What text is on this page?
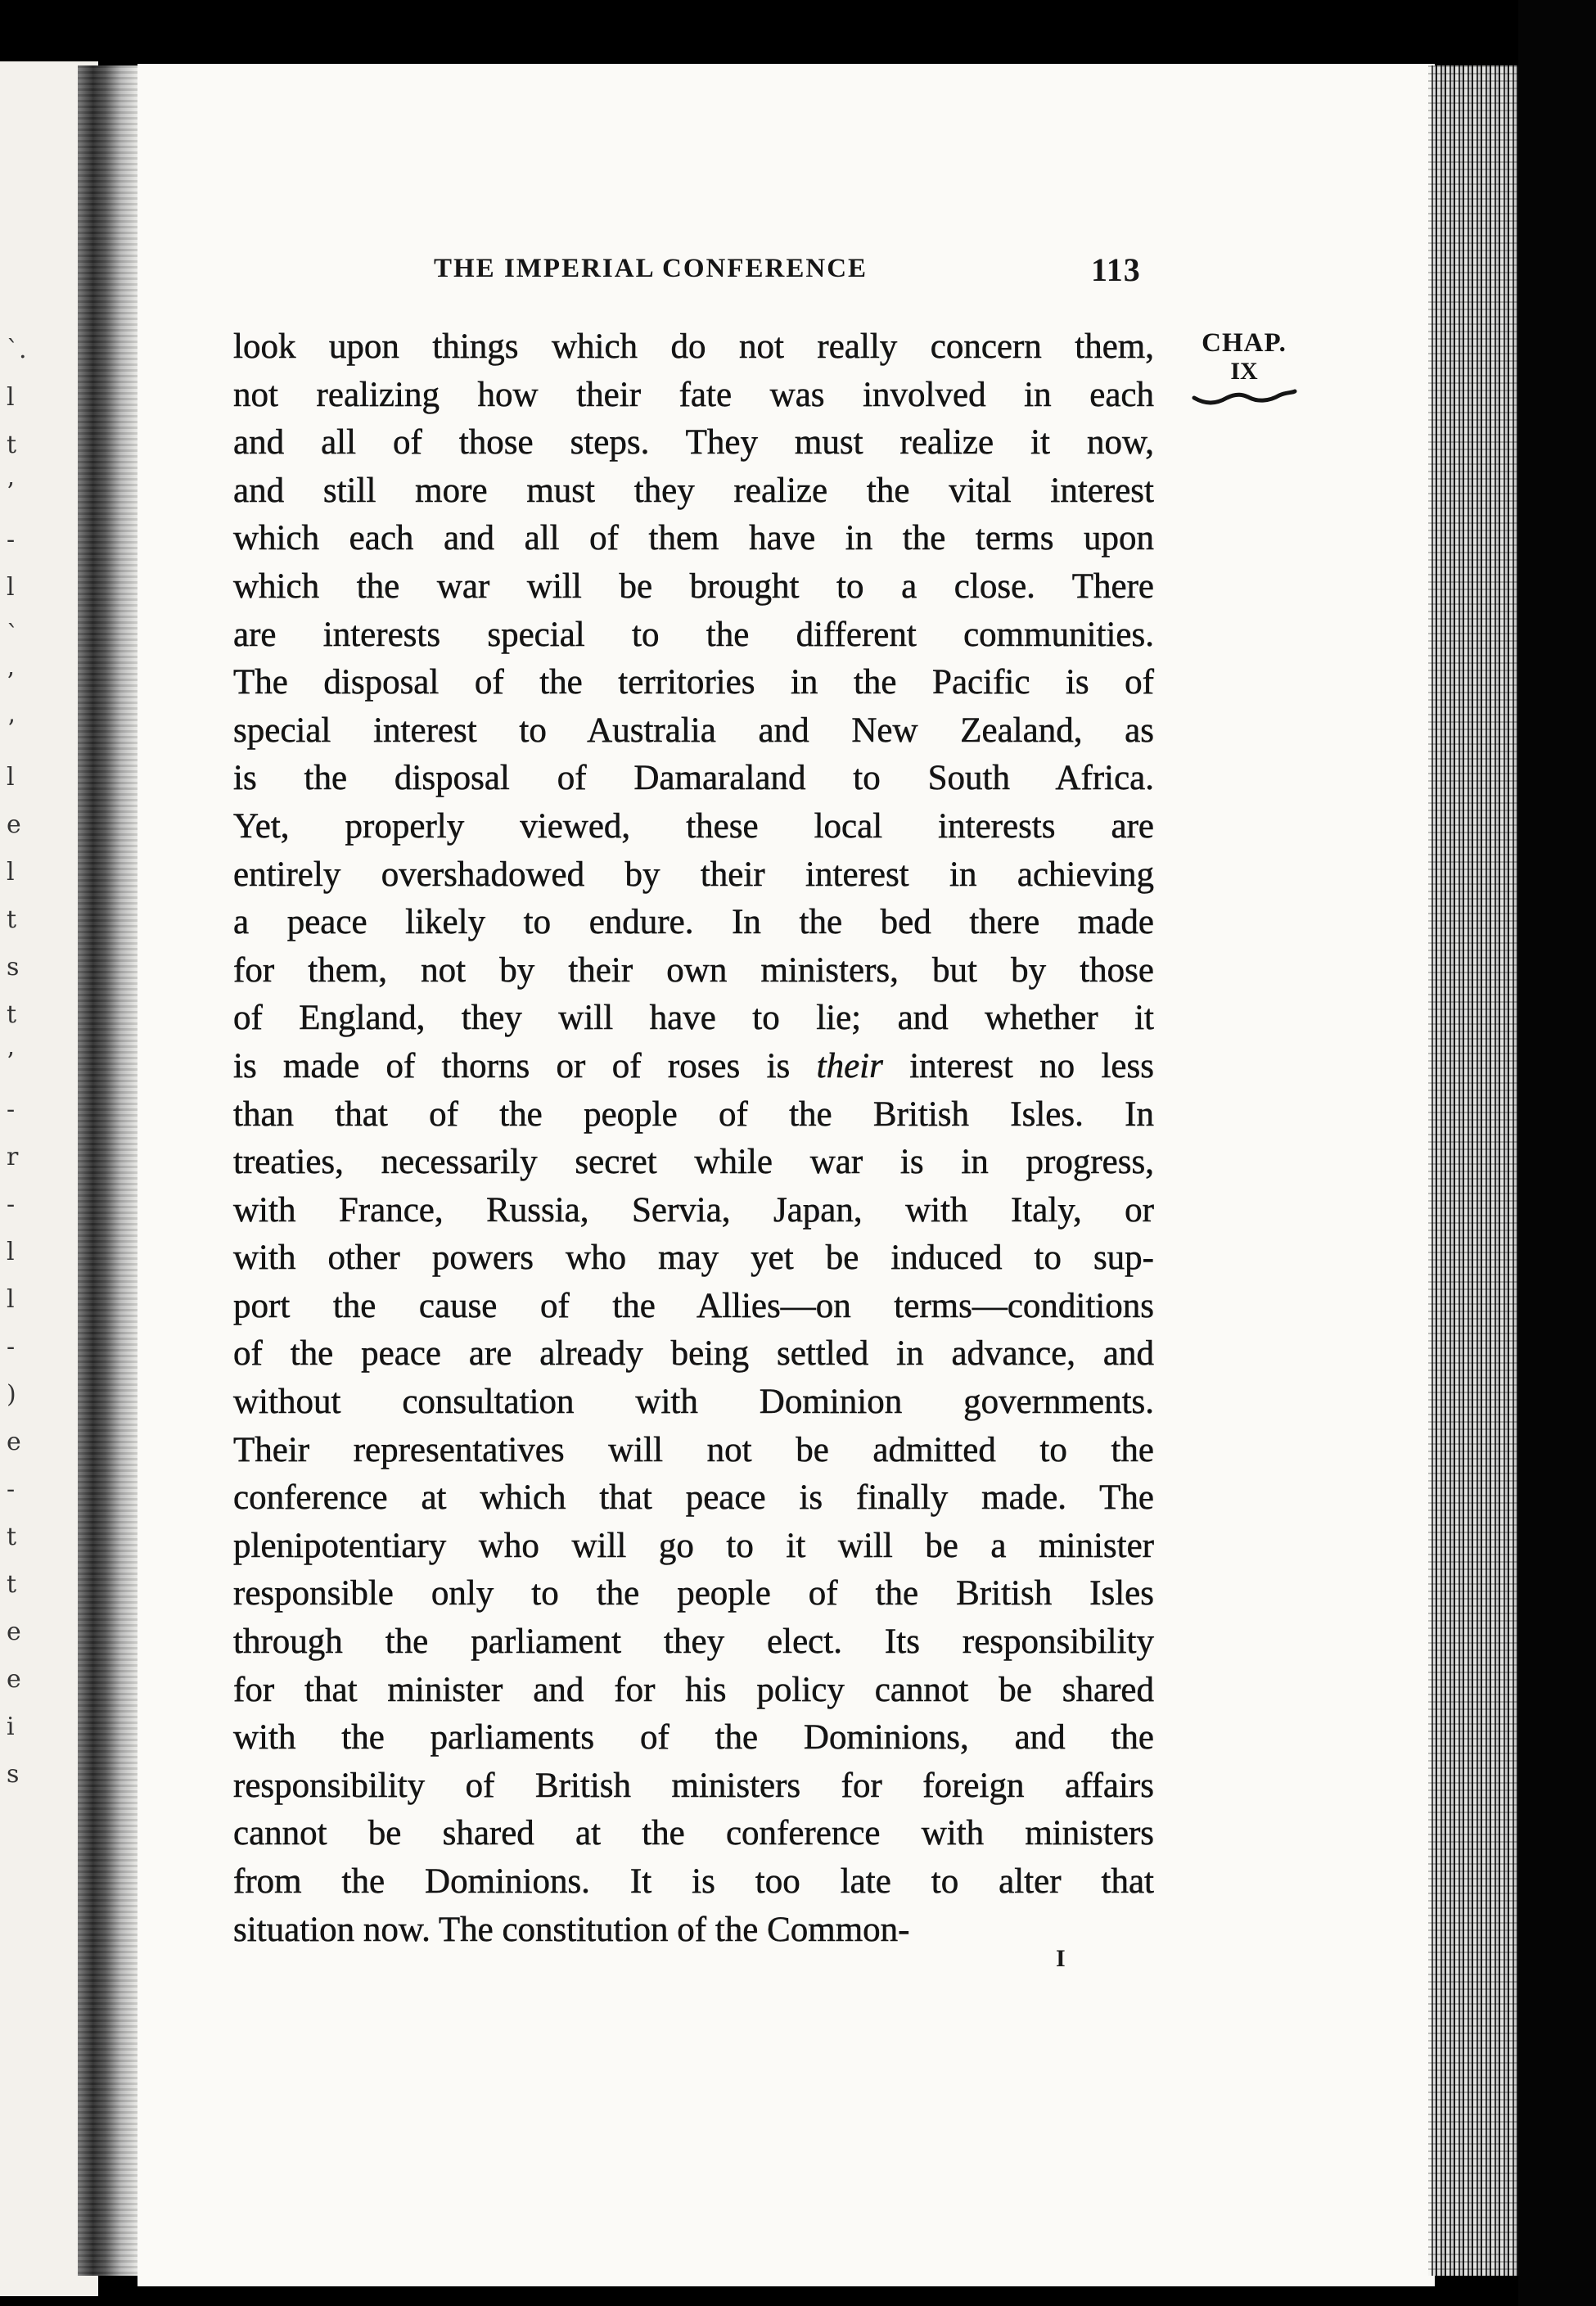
`.
l
t
’
-
l
`
’
ʼ
l
e
l
t
s
t
’
-
r
-
l
l
-
)
e
-
t
t
e
e
i
s
THE IMPERIAL CONFERENCE	113
CHAP.
IX
look upon things which do not really concern them,
not realizing how their fate was involved in each
and all of those steps. They must realize it now,
and still more must they realize the vital interest
which each and all of them have in the terms upon
which the war will be brought to a close. There
are interests special to the different communities.
The disposal of the territories in the Pacific is of
special interest to Australia and New Zealand, as
is the disposal of Damaraland to South Africa.
Yet, properly viewed, these local interests are
entirely overshadowed by their interest in achieving
a peace likely to endure. In the bed there made
for them, not by their own ministers, but by those
of England, they will have to lie; and whether it
is made of thorns or of roses is their interest no less
than that of the people of the British Isles. In
treaties, necessarily secret while war is in progress,
with France, Russia, Servia, Japan, with Italy, or
with other powers who may yet be induced to sup-
port the cause of the Allies—on terms—conditions
of the peace are already being settled in advance, and
without consultation with Dominion governments.
Their representatives will not be admitted to the
conference at which that peace is finally made. The
plenipotentiary who will go to it will be a minister
responsible only to the people of the British Isles
through the parliament they elect. Its responsibility
for that minister and for his policy cannot be shared
with the parliaments of the Dominions, and the
responsibility of British ministers for foreign affairs
cannot be shared at the conference with ministers
from the Dominions. It is too late to alter that
situation now. The constitution of the Common-
I
